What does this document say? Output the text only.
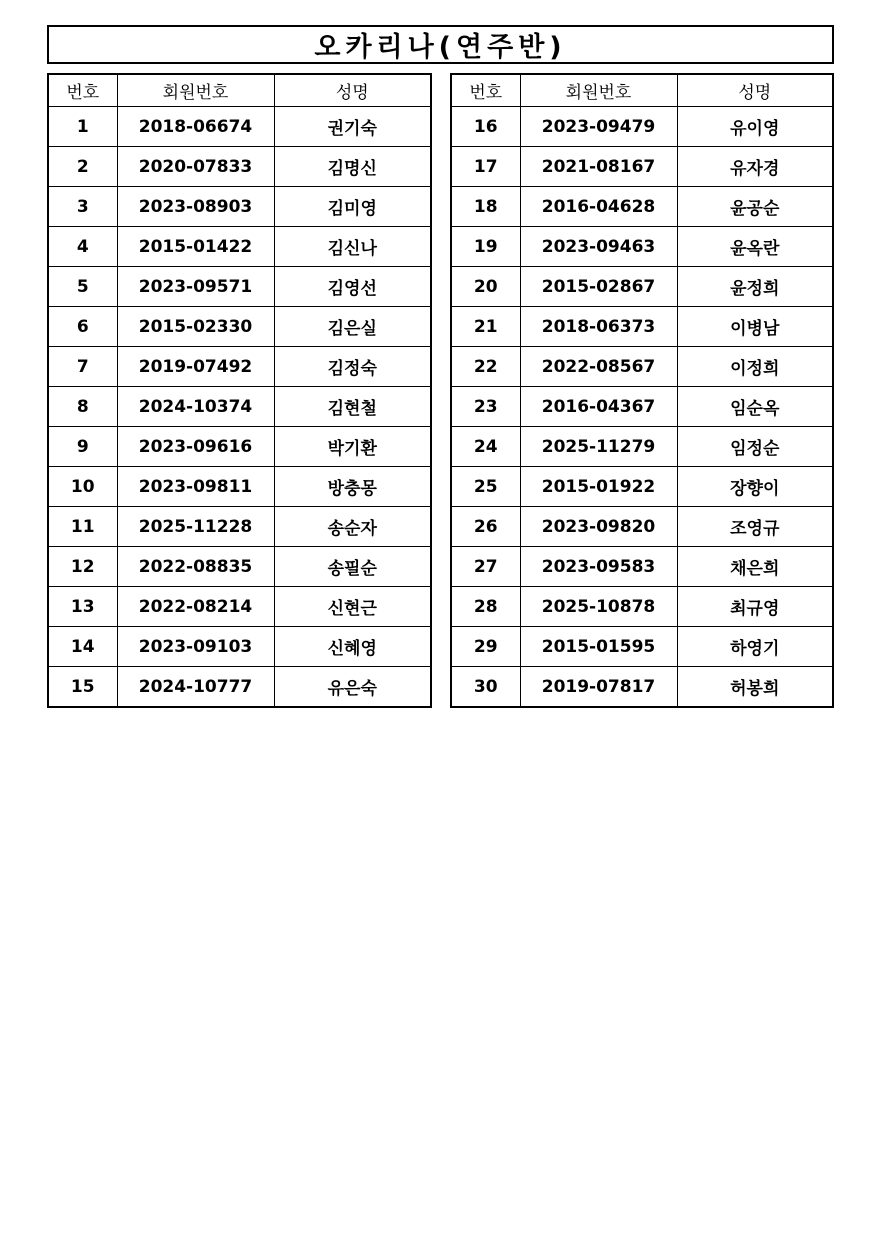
오카리나(연주반)
번호	회원번호	성명
1	2018-06674	권기숙
2	2020-07833	김명신
3	2023-08903	김미영
4	2015-01422	김신나
5	2023-09571	김영선
6	2015-02330	김은실
7	2019-07492	김정숙
8	2024-10374	김현철
9	2023-09616	박기환
10	2023-09811	방충몽
11	2025-11228	송순자
12	2022-08835	송필순
13	2022-08214	신현근
14	2023-09103	신혜영
15	2024-10777	유은숙
번호	회원번호	성명
16	2023-09479	유이영
17	2021-08167	유자경
18	2016-04628	윤공순
19	2023-09463	윤옥란
20	2015-02867	윤정희
21	2018-06373	이병남
22	2022-08567	이정희
23	2016-04367	임순옥
24	2025-11279	임정순
25	2015-01922	장향이
26	2023-09820	조영규
27	2023-09583	채은희
28	2025-10878	최규영
29	2015-01595	하영기
30	2019-07817	허봉희
